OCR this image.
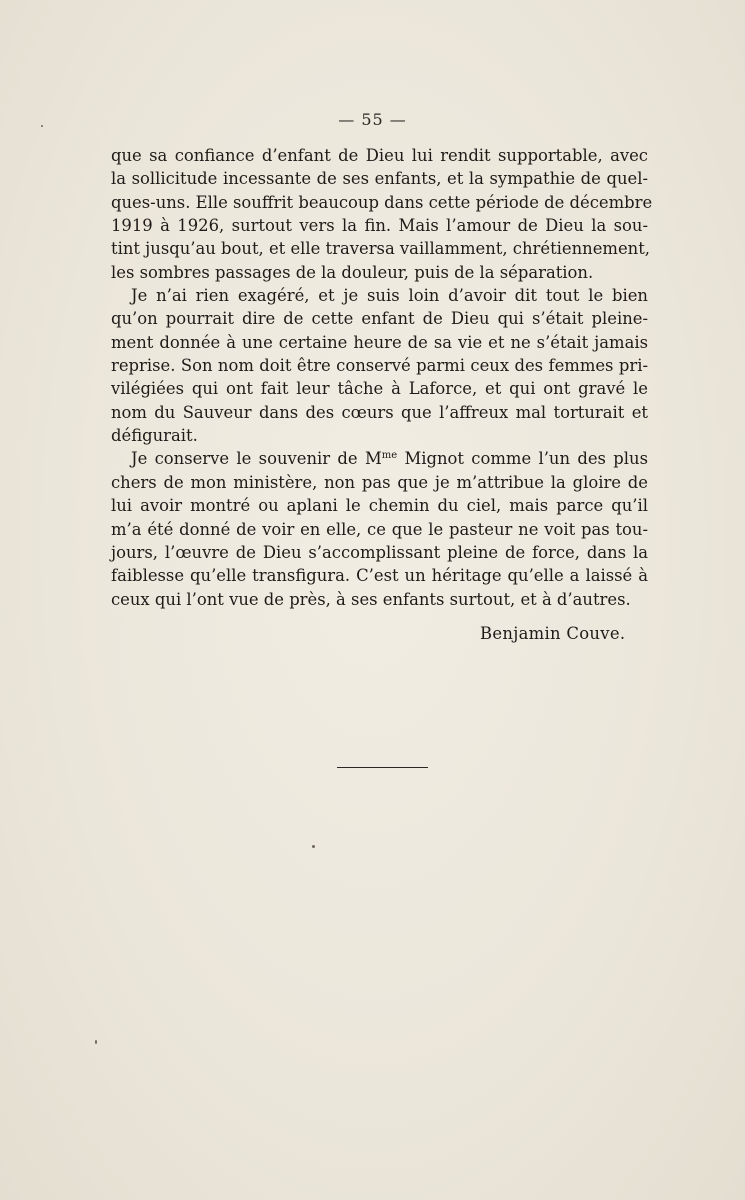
— 55 —
que sa confiance d’enfant de Dieu lui rendit supportable, avec
la sollicitude incessante de ses enfants, et la sympathie de quel-
ques-uns. Elle souffrit beaucoup dans cette période de décembre
1919 à 1926, surtout vers la fin. Mais l’amour de Dieu la sou-
tint jusqu’au bout, et elle traversa vaillamment, chrétiennement,
les sombres passages de la douleur, puis de la séparation.
Je n’ai rien exagéré, et je suis loin d’avoir dit tout le bien
qu’on pourrait dire de cette enfant de Dieu qui s’était pleine-
ment donnée à une certaine heure de sa vie et ne s’était jamais
reprise. Son nom doit être conservé parmi ceux des femmes pri-
vilégiées qui ont fait leur tâche à Laforce, et qui ont gravé le
nom du Sauveur dans des cœurs que l’affreux mal torturait et
défigurait.
Je conserve le souvenir de $M^{me}$ Mignot comme l’un des plus
chers de mon ministère, non pas que je m’attribue la gloire de
lui avoir montré ou aplani le chemin du ciel, mais parce qu’il
m’a été donné de voir en elle, ce que le pasteur ne voit pas tou-
jours, l’œuvre de Dieu s’accomplissant pleine de force, dans la
faiblesse qu’elle transfigura. C’est un héritage qu’elle a laissé à
ceux qui l’ont vue de près, à ses enfants surtout, et à d’autres.
Benjamin Couve.
